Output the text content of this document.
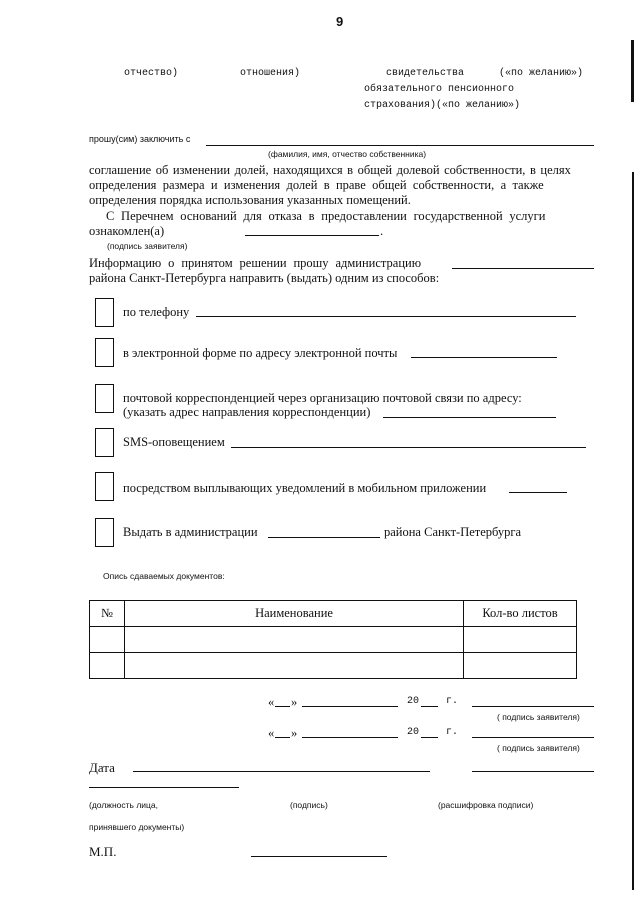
9
отчество)	отношения)	свидетельства	(«по желанию»)
обязательного пенсионного
страхования)(«по желанию»)
прошу(сим) заключить с
(фамилия, имя, отчество собственника)
соглашение об изменении долей, находящихся в общей долевой собственности, в целях
определения размера и изменения долей в праве общей собственности, а также
определения порядка использования указанных помещений.
С Перечнем оснований для отказа в предоставлении государственной услуги
ознакомлен(а)	.
(подпись заявителя)
Информацию о принятом решении прошу администрацию
района Санкт-Петербурга направить (выдать) одним из способов:
по телефону
в электронной форме по адресу электронной почты
почтовой корреспонденцией через организацию почтовой связи по адресу:
(указать адрес направления корреспонденции)
SMS-оповещением
посредством выплывающих уведомлений в мобильном приложении
Выдать в администрации	района Санкт-Петербурга
Опись сдаваемых документов:
№	Наименование	Кол-во листов

« »	20	г.
( подпись заявителя)
« »	20	г.
( подпись заявителя)
Дата
(должность лица,	(подпись)	(расшифровка подписи)
принявшего документы)
М.П.
